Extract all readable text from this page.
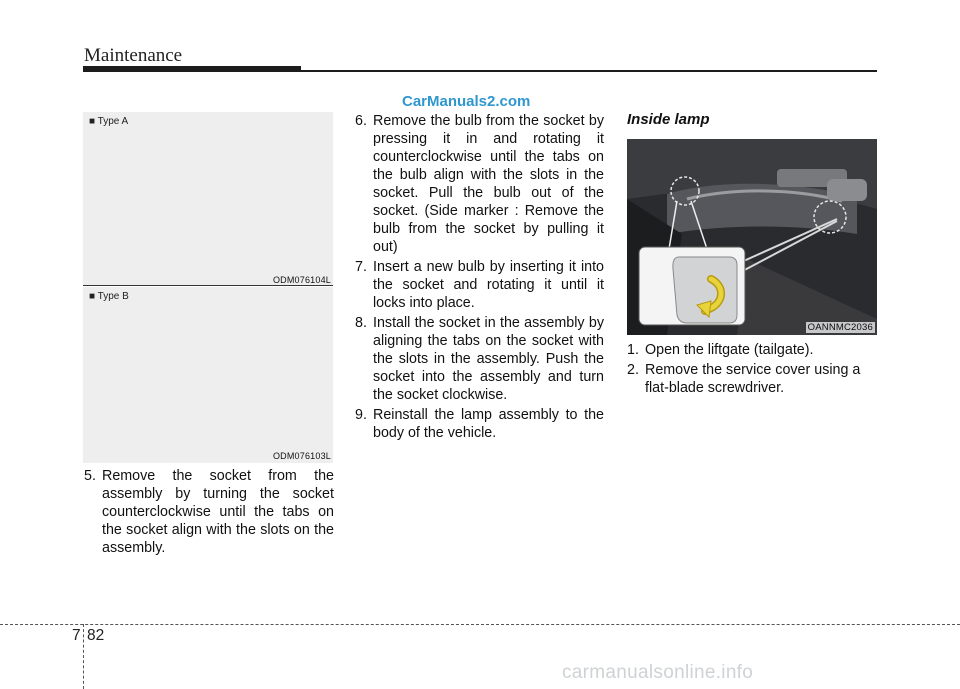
Maintenance
CarManuals2.com
■ Type A
ODM076104L
■ Type B
ODM076103L
5. Remove the socket from the assembly by turning the socket counterclockwise until the tabs on the socket align with the slots on the assembly.
6. Remove the bulb from the socket by pressing it in and rotating it counterclockwise until the tabs on the bulb align with the slots in the socket. Pull the bulb out of the socket. (Side marker : Remove the bulb from the socket by pulling it out)
7. Insert a new bulb by inserting it into the socket and rotating it until it locks into place.
8. Install the socket in the assembly by aligning the tabs on the socket with the slots in the assembly. Push the socket into the assembly and turn the socket clockwise.
9. Reinstall the lamp assembly to the body of the vehicle.
Inside lamp
OANNMC2036
1. Open the liftgate (tailgate).
2. Remove the service cover using a flat-blade screwdriver.
7 82
carmanualsonline.info
